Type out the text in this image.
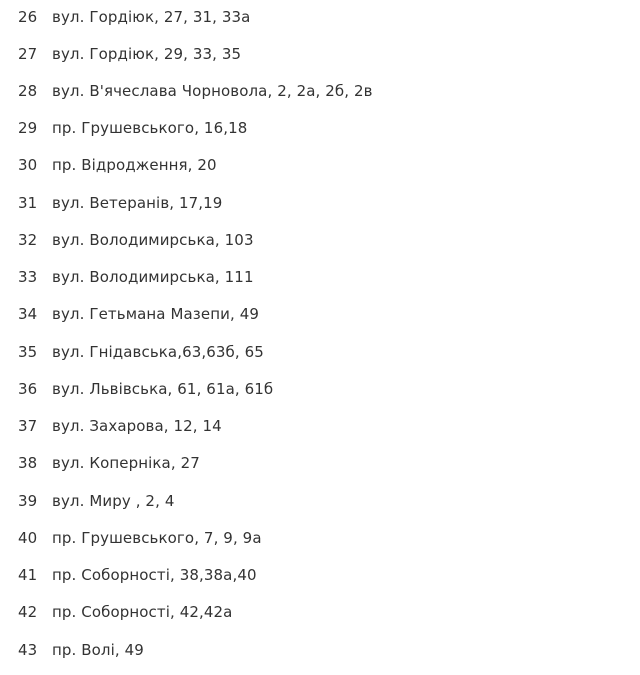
26 вул. Гордіюк, 27, 31, 33а
27 вул. Гордіюк, 29, 33, 35
28 вул. В'ячеслава Чорновола, 2, 2а, 2б, 2в
29 пр. Грушевського, 16,18
30 пр. Відродження, 20
31 вул. Ветеранів, 17,19
32 вул. Володимирська, 103
33 вул. Володимирська, 111
34 вул. Гетьмана Мазепи, 49
35 вул. Гнідавська,63,63б, 65
36 вул. Львівська, 61, 61а, 61б
37 вул. Захарова, 12, 14
38 вул. Коперніка, 27
39 вул. Миру , 2, 4
40 пр. Грушевського, 7, 9, 9а
41 пр. Соборності, 38,38а,40
42 пр. Соборності, 42,42а
43 пр. Волі, 49
